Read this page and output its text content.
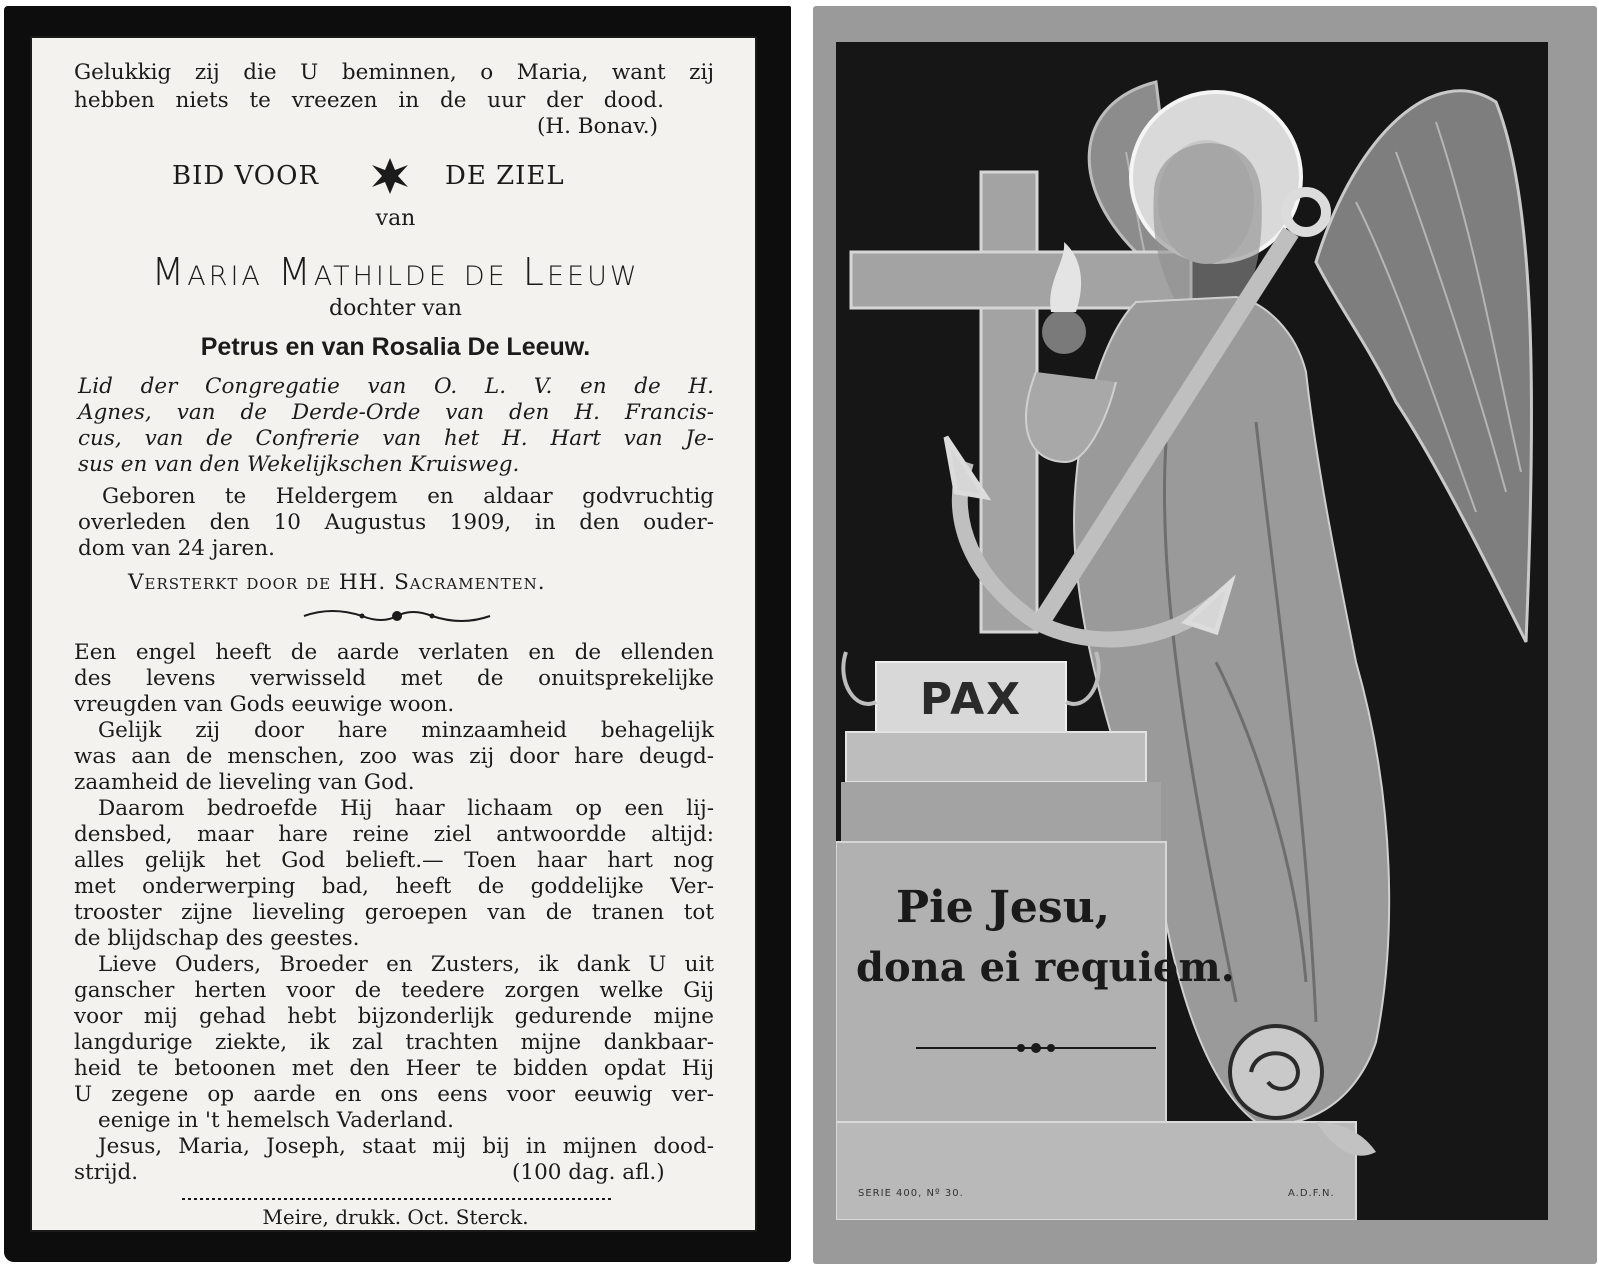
Gelukkig zij die U beminnen, o Maria, want zij
hebben niets te vreezen in de uur der dood.
(H. Bonav.)
BID VOOR	DE ZIEL
van
Maria Mathilde de Leeuw
dochter van
Petrus en van Rosalia De Leeuw.
Lid der Congregatie van O. L. V. en de H.
Agnes, van de Derde-Orde van den H. Francis-
cus, van de Confrerie van het H. Hart van Je-
sus en van den Wekelijkschen Kruisweg.
Geboren te Heldergem en aldaar godvruchtig
overleden den 10 Augustus 1909, in den ouder-
dom van 24 jaren.
Versterkt door de HH. Sacramenten.
Een engel heeft de aarde verlaten en de ellenden
des levens verwisseld met de onuitsprekelijke
vreugden van Gods eeuwige woon.
Gelijk zij door hare minzaamheid behagelijk
was aan de menschen, zoo was zij door hare deugd-
zaamheid de lieveling van God.
Daarom bedroefde Hij haar lichaam op een lij-
densbed, maar hare reine ziel antwoordde altijd:
alles gelijk het God belieft.— Toen haar hart nog
met onderwerping bad, heeft de goddelijke Ver-
trooster zijne lieveling geroepen van de tranen tot
de blijdschap des geestes.
Lieve Ouders, Broeder en Zusters, ik dank U uit
ganscher herten voor de teedere zorgen welke Gij
voor mij gehad hebt bijzonderlijk gedurende mijne
langdurige ziekte, ik zal trachten mijne dankbaar-
heid te betoonen met den Heer te bidden opdat Hij
U zegene op aarde en ons eens voor eeuwig ver-
eenige in 't hemelsch Vaderland.
Jesus, Maria, Joseph, staat mij bij in mijnen dood-
strijd.	(100 dag. afl.)
Meire, drukk. Oct. Sterck.
PAX
Pie Jesu,
dona ei requiem.
SERIE 400, Nº 30.	A.D.F.N.
